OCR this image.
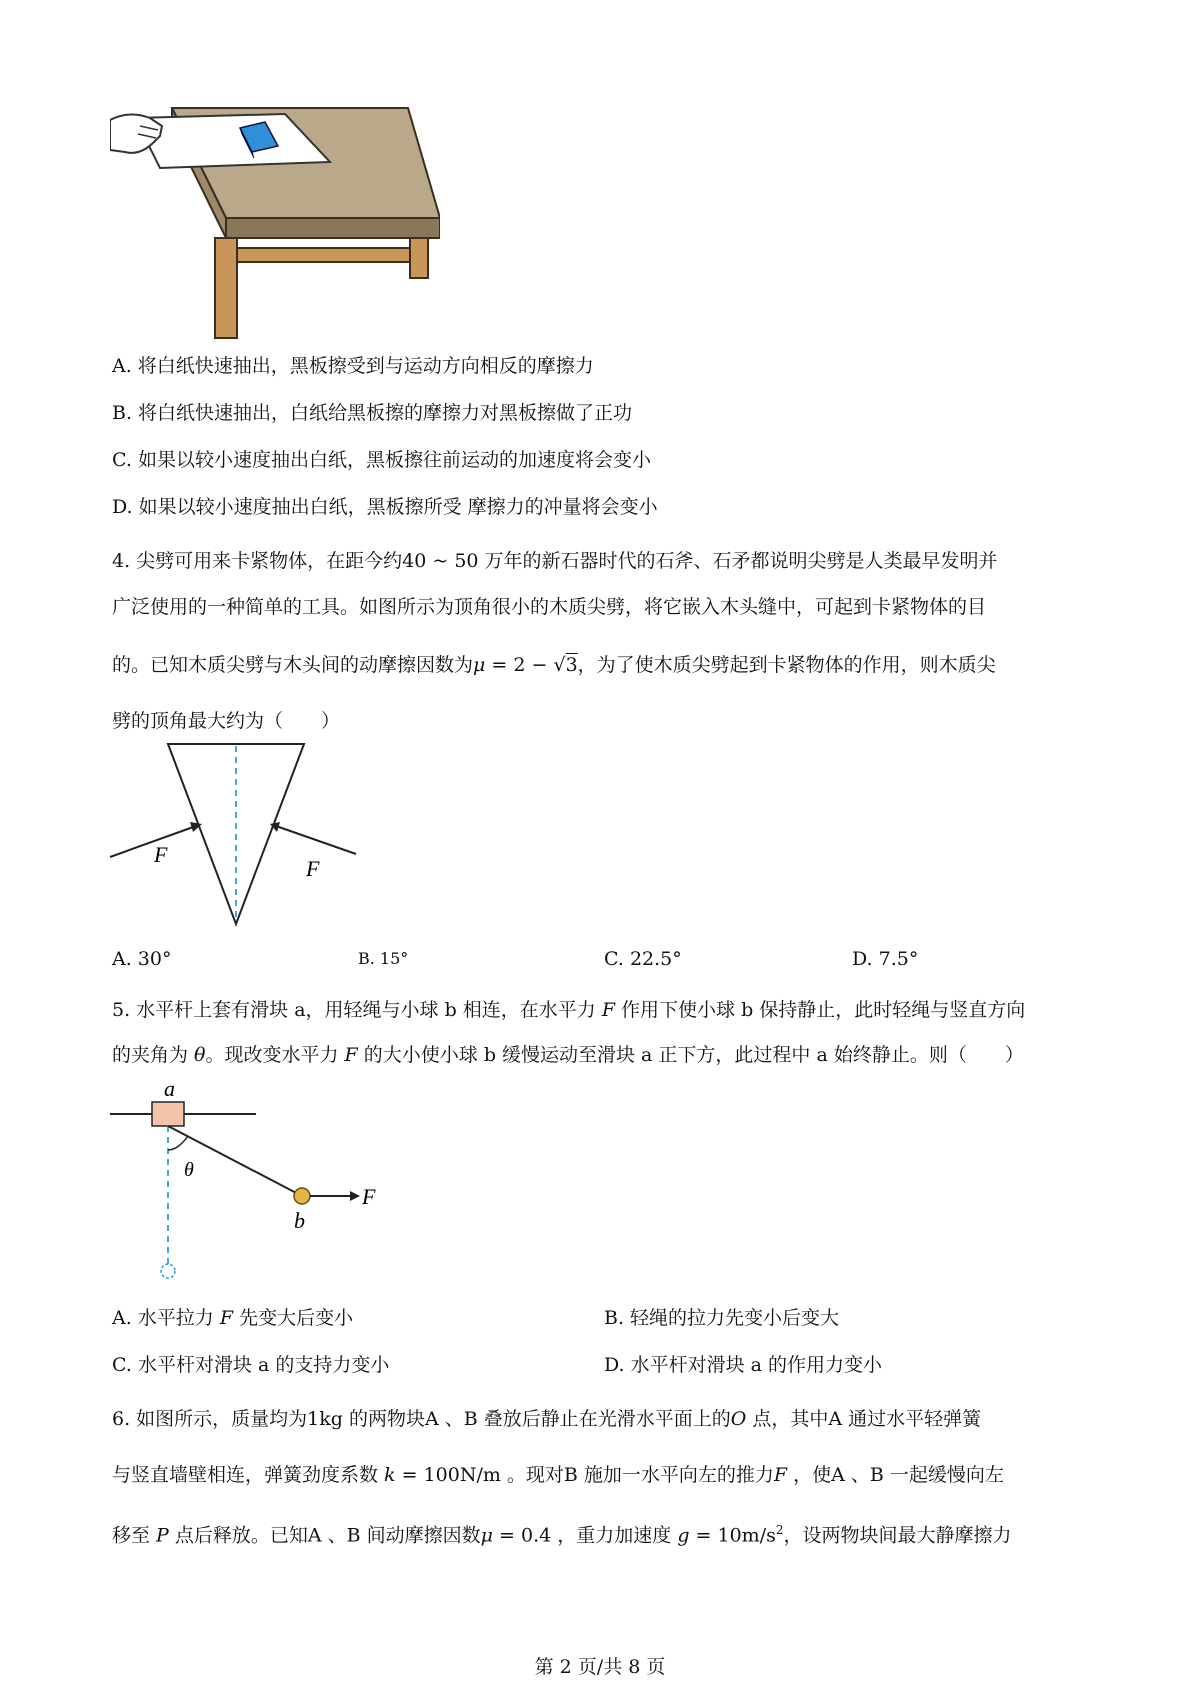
A. 将白纸快速抽出，黑板擦受到与运动方向相反的摩擦力
B. 将白纸快速抽出，白纸给黑板擦的摩擦力对黑板擦做了正功
C. 如果以较小速度抽出白纸，黑板擦往前运动的加速度将会变小
D. 如果以较小速度抽出白纸，黑板擦所受 摩擦力的冲量将会变小
4. 尖劈可用来卡紧物体，在距今约40 ~ 50 万年的新石器时代的石斧、石矛都说明尖劈是人类最早发明并
广泛使用的一种简单的工具。如图所示为顶角很小的木质尖劈，将它嵌入木头缝中，可起到卡紧物体的目
的。已知木质尖劈与木头间的动摩擦因数为μ = 2 − √3，为了使木质尖劈起到卡紧物体的作用，则木质尖
劈的顶角最大约为（　　）
F
F
A. 30°	B. 15°	C. 22.5°	D. 7.5°
5. 水平杆上套有滑块 a，用轻绳与小球 b 相连，在水平力 F 作用下使小球 b 保持静止，此时轻绳与竖直方向
的夹角为 θ。现改变水平力 F 的大小使小球 b 缓慢运动至滑块 a 正下方，此过程中 a 始终静止。则（　　）
a
θ
F
b
A. 水平拉力 F 先变大后变小	B. 轻绳的拉力先变小后变大
C. 水平杆对滑块 a 的支持力变小	D. 水平杆对滑块 a 的作用力变小
6. 如图所示，质量均为1kg 的两物块A 、B 叠放后静止在光滑水平面上的O 点，其中A 通过水平轻弹簧
与竖直墙壁相连，弹簧劲度系数 k = 100N/m 。现对B 施加一水平向左的推力F ，使A 、B 一起缓慢向左
移至 P 点后释放。已知A 、B 间动摩擦因数μ = 0.4 ，重力加速度 $g = 10m/s^2$，设两物块间最大静摩擦力
第 2 页/共 8 页
